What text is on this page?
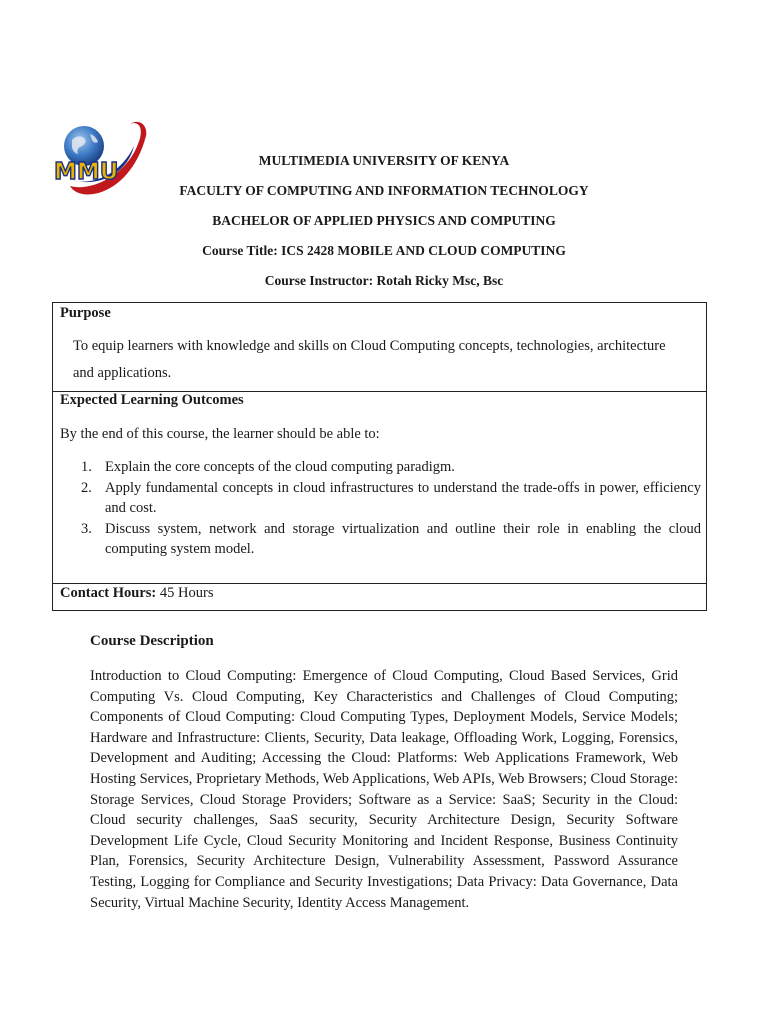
MMU	MULTIMEDIA UNIVERSITY OF KENYA
FACULTY OF COMPUTING AND INFORMATION TECHNOLOGY
BACHELOR OF APPLIED PHYSICS AND COMPUTING
Course Title: ICS 2428 MOBILE AND CLOUD COMPUTING
Course Instructor: Rotah Ricky Msc, Bsc
Purpose
To equip learners with knowledge and skills on Cloud Computing concepts, technologies, architecture
and applications.
Expected Learning Outcomes
By the end of this course, the learner should be able to:
1. Explain the core concepts of the cloud computing paradigm.
2. Apply fundamental concepts in cloud infrastructures to understand the trade-offs in power, efficiency and cost.
3. Discuss system, network and storage virtualization and outline their role in enabling the cloud computing system model.
Contact Hours: 45 Hours
Course Description
Introduction to Cloud Computing: Emergence of Cloud Computing, Cloud Based Services, Grid Computing Vs. Cloud Computing, Key Characteristics and Challenges of Cloud Computing; Components of Cloud Computing: Cloud Computing Types, Deployment Models, Service Models; Hardware and Infrastructure: Clients, Security, Data leakage, Offloading Work, Logging, Forensics, Development and Auditing; Accessing the Cloud: Platforms: Web Applications Framework, Web Hosting Services, Proprietary Methods, Web Applications, Web APIs, Web Browsers; Cloud Storage: Storage Services, Cloud Storage Providers; Software as a Service: SaaS; Security in the Cloud: Cloud security challenges, SaaS security, Security Architecture Design, Security Software Development Life Cycle, Cloud Security Monitoring and Incident Response, Business Continuity Plan, Forensics, Security Architecture Design, Vulnerability Assessment, Password Assurance Testing, Logging for Compliance and Security Investigations; Data Privacy: Data Governance, Data Security, Virtual Machine Security, Identity Access Management.
